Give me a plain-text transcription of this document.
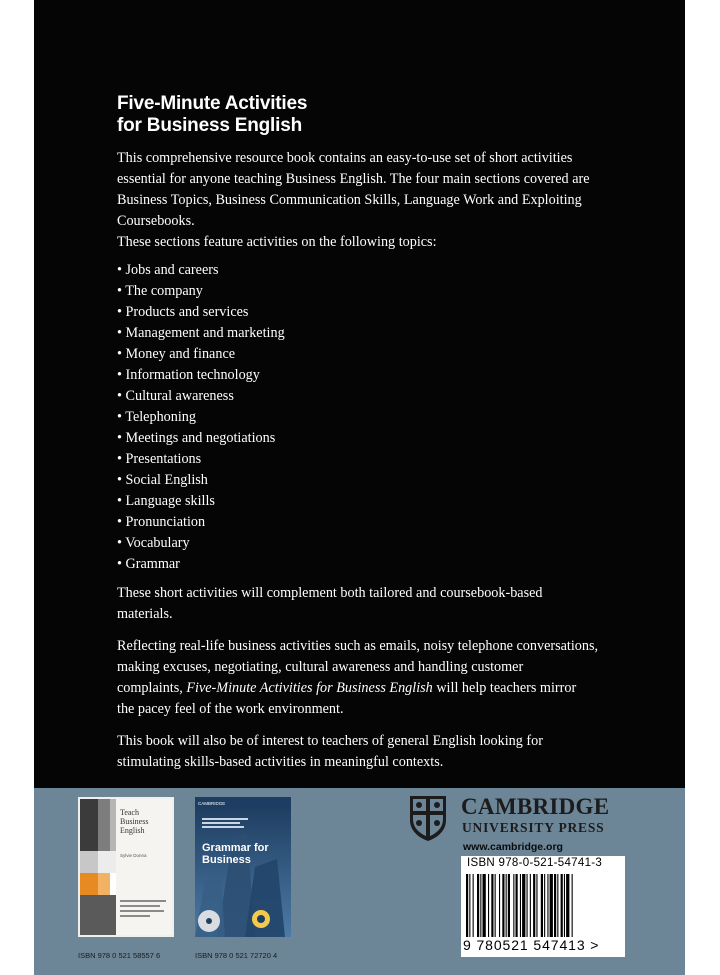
Five-Minute Activities
for Business English

This comprehensive resource book contains an easy-to-use set of short activities

essential for anyone teaching Business English. The four main sections covered are

Business Topics, Business Communication Skills, Language Work and Exploiting

Coursebooks.

These sections feature activities on the following topics:

• Jobs and careers
• The company
• Products and services
• Management and marketing
• Money and finance
• Information technology
• Cultural awareness
• Telephoning
• Meetings and negotiations
• Presentations
• Social English
• Language skills
• Pronunciation
• Vocabulary
• Grammar
These short activities will complement both tailored and coursebook-based
materials.
Reflecting real-life business activities such as emails, noisy telephone conversations,
making excuses, negotiating, cultural awareness and handling customer
complaints, Five-Minute Activities for Business English will help teachers mirror
the pacey feel of the work environment.
This book will also be of interest to teachers of general English looking for
stimulating skills-based activities in meaningful contexts.
Teach
Business
English
Sylvie Donna
ISBN 978 0 521 58557 6
CAMBRIDGE
Grammar for
Business
ISBN 978 0 521 72720 4
CAMBRIDGE
UNIVERSITY PRESS
www.cambridge.org
ISBN 978-0-521-54741-3
9 780521 547413 >
